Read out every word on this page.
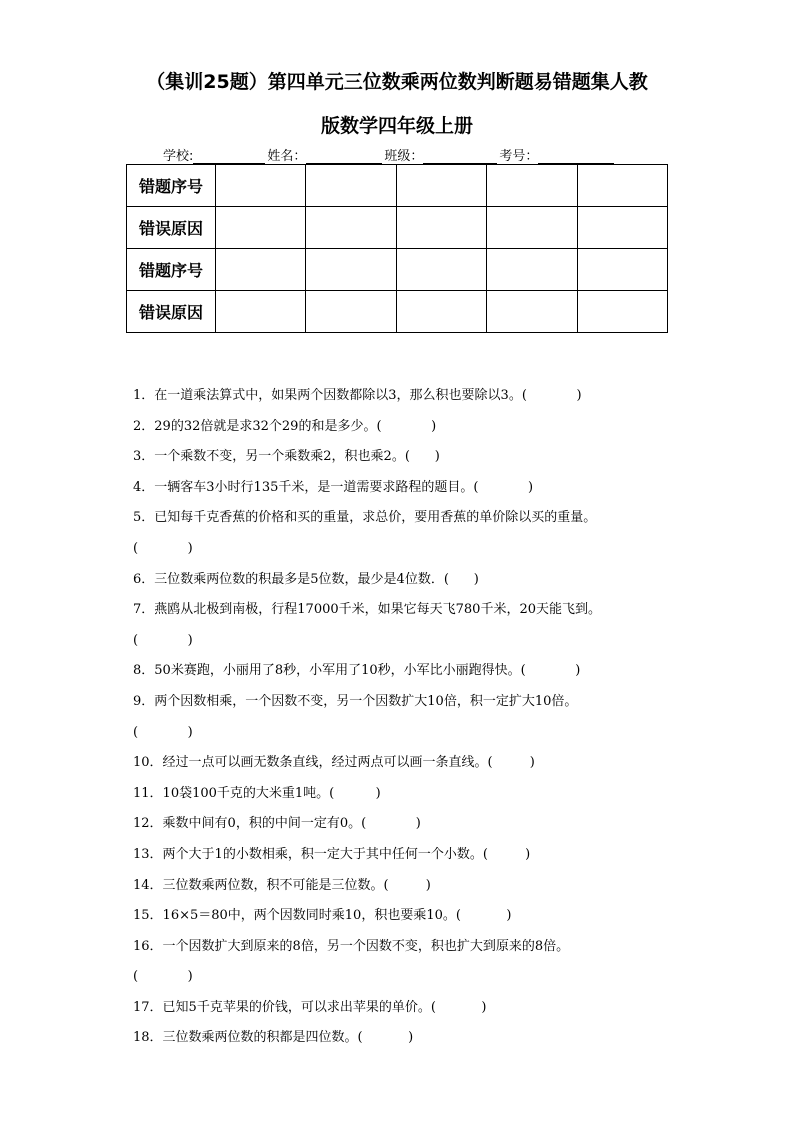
（集训25题）第四单元三位数乘两位数判断题易错题集人教
版数学四年级上册
学校:	姓名：	班级：	考号：
错题序号					
错误原因					
错题序号					
错误原因					
1．在一道乘法算式中，如果两个因数都除以3，那么积也要除以3。(            )
2．29的32倍就是求32个29的和是多少。(            )
3．一个乘数不变，另一个乘数乘2，积也乘2。(      )
4．一辆客车3小时行135千米，是一道需要求路程的题目。(            )
5．已知每千克香蕉的价格和买的重量，求总价，要用香蕉的单价除以买的重量。
(            )
6．三位数乘两位数的积最多是5位数，最少是4位数．(      )
7．燕鸥从北极到南极，行程17000千米，如果它每天飞780千米，20天能飞到。
(            )
8．50米赛跑，小丽用了8秒，小军用了10秒，小军比小丽跑得快。(            )
9．两个因数相乘，一个因数不变，另一个因数扩大10倍，积一定扩大10倍。
(            )
10．经过一点可以画无数条直线，经过两点可以画一条直线。(         )
11．10袋100千克的大米重1吨。(          )
12．乘数中间有0，积的中间一定有0。(            )
13．两个大于1的小数相乘，积一定大于其中任何一个小数。(         )
14．三位数乘两位数，积不可能是三位数。(         )
15．16×5＝80中，两个因数同时乘10，积也要乘10。(           )
16．一个因数扩大到原来的8倍，另一个因数不变，积也扩大到原来的8倍。
(            )
17．已知5千克苹果的价钱，可以求出苹果的单价。(           )
18．三位数乘两位数的积都是四位数。(           )
